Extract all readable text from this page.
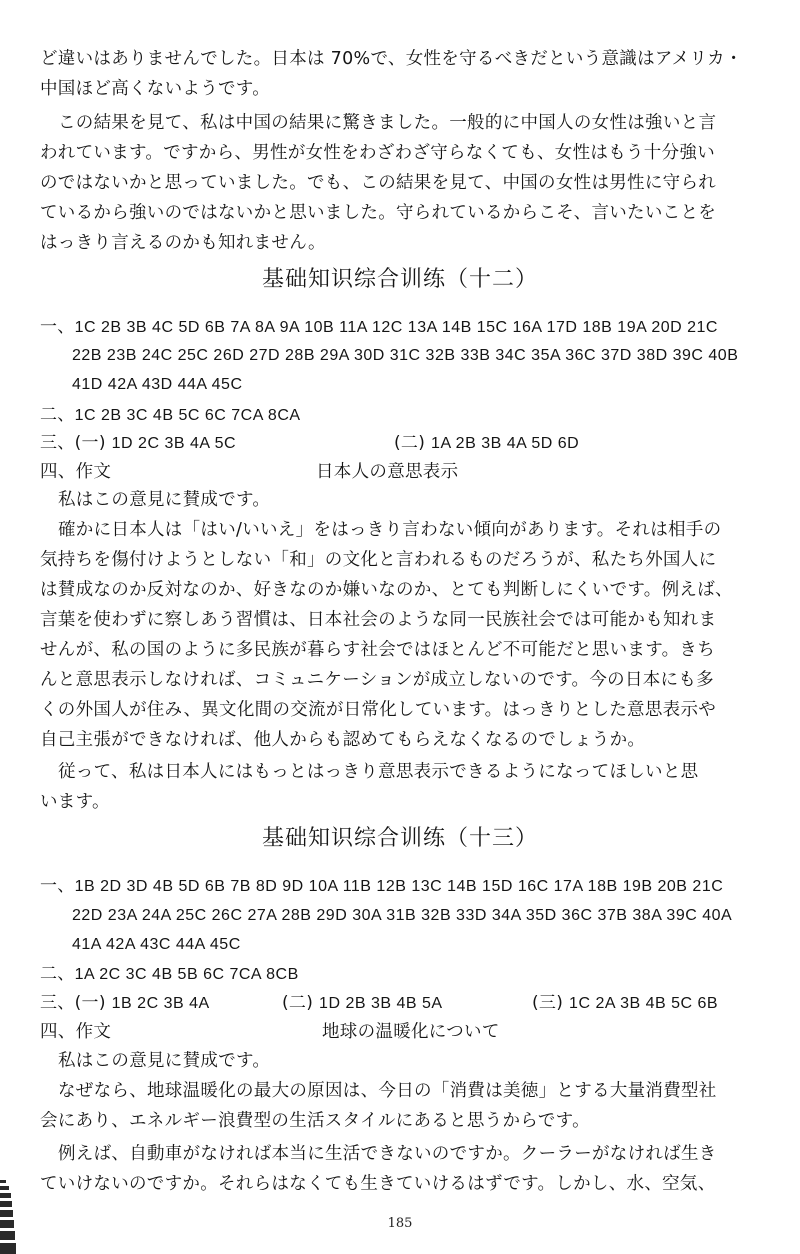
ど違いはありませんでした。日本は 70%で、女性を守るべきだという意識はアメリカ・
中国ほど高くないようです。
この結果を見て、私は中国の結果に驚きました。一般的に中国人の女性は強いと言
われています。ですから、男性が女性をわざわざ守らなくても、女性はもう十分強い
のではないかと思っていました。でも、この結果を見て、中国の女性は男性に守られ
ているから強いのではないかと思いました。守られているからこそ、言いたいことを
はっきり言えるのかも知れません。
基础知识综合训练（十二）
一、1C 2B 3B 4C 5D 6B 7A 8A 9A 10B 11A 12C 13A 14B 15C 16A 17D 18B 19A 20D 21C
22B 23B 24C 25C 26D 27D 28B 29A 30D 31C 32B 33B 34C 35A 36C 37D 38D 39C 40B
41D 42A 43D 44A 45C
二、1C 2B 3C 4B 5C 6C 7CA 8CA
三、(一) 1D 2C 3B 4A 5C	(二) 1A 2B 3B 4A 5D 6D
四、作文	日本人の意思表示
私はこの意見に賛成です。
確かに日本人は「はい/いいえ」をはっきり言わない傾向があります。それは相手の
気持ちを傷付けようとしない「和」の文化と言われるものだろうが、私たち外国人に
は賛成なのか反対なのか、好きなのか嫌いなのか、とても判断しにくいです。例えば、
言葉を使わずに察しあう習慣は、日本社会のような同一民族社会では可能かも知れま
せんが、私の国のように多民族が暮らす社会ではほとんど不可能だと思います。きち
んと意思表示しなければ、コミュニケーションが成立しないのです。今の日本にも多
くの外国人が住み、異文化間の交流が日常化しています。はっきりとした意思表示や
自己主張ができなければ、他人からも認めてもらえなくなるのでしょうか。
従って、私は日本人にはもっとはっきり意思表示できるようになってほしいと思
います。
基础知识综合训练（十三）
一、1B 2D 3D 4B 5D 6B 7B 8D 9D 10A 11B 12B 13C 14B 15D 16C 17A 18B 19B 20B 21C
22D 23A 24A 25C 26C 27A 28B 29D 30A 31B 32B 33D 34A 35D 36C 37B 38A 39C 40A
41A 42A 43C 44A 45C
二、1A 2C 3C 4B 5B 6C 7CA 8CB
三、(一) 1B 2C 3B 4A	(二) 1D 2B 3B 4B 5A	(三) 1C 2A 3B 4B 5C 6B
四、作文	地球の温暖化について
私はこの意見に賛成です。
なぜなら、地球温暖化の最大の原因は、今日の「消費は美徳」とする大量消費型社
会にあり、エネルギー浪費型の生活スタイルにあると思うからです。
例えば、自動車がなければ本当に生活できないのですか。クーラーがなければ生き
ていけないのですか。それらはなくても生きていけるはずです。しかし、水、空気、
185
